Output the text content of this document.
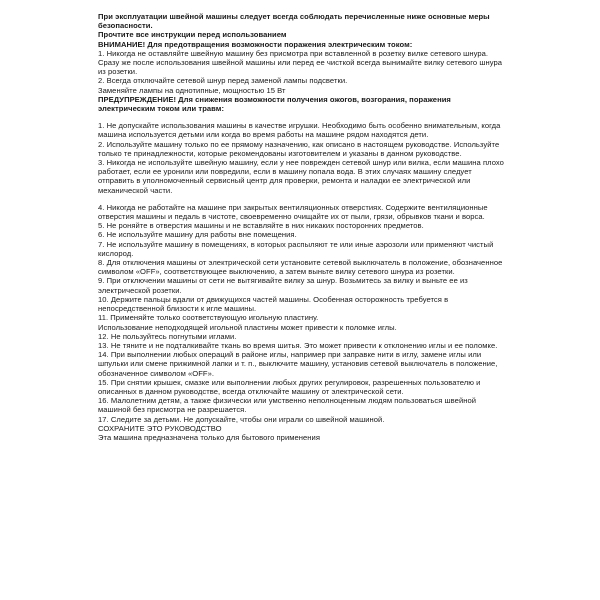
При эксплуатации швейной машины следует всегда соблюдать перечисленные ниже основные меры безопасности.

Прочтите все инструкции перед использованием

ВНИМАНИЕ! Для предотвращения возможности поражения электрическим током:

1. Никогда не оставляйте швейную машину без присмотра при вставленной в розетку вилке сетевого шнура. Сразу же после использования швейной машины или перед ее чисткой всегда вынимайте вилку сетевого шнура из розетки.

2. Всегда отключайте сетевой шнур перед заменой лампы подсветки.

Заменяйте лампы на однотипные, мощностью 15 Вт

ПРЕДУПРЕЖДЕНИЕ! Для снижения возможности получения ожогов, возгорания, поражения электрическим током или травм:

1. Не допускайте использования машины в качестве игрушки. Необходимо быть особенно внимательным, когда машина используется детьми или когда во время работы на машине рядом находятся дети.

2. Используйте машину только по ее прямому назначению, как описано в настоящем руководстве. Используйте только те принадлежности, которые рекомендованы изготовителем и указаны в данном руководстве.

3. Никогда не используйте швейную машину, если у нее поврежден сетевой шнур или вилка, если машина плохо работает, если ее уронили или повредили, если в машину попала вода. В этих случаях машину следует отправить в уполномоченный сервисный центр для проверки, ремонта и наладки ее электрической или механической части.

4. Никогда не работайте на машине при закрытых вентиляционных отверстиях. Содержите вентиляционные отверстия машины и педаль в чистоте, своевременно очищайте их от пыли, грязи, обрывков ткани и ворса.

5. Не роняйте в отверстия машины и не вставляйте в них никаких посторонних предметов.

6. Не используйте машину для работы вне помещения.

7. Не используйте машину в помещениях, в которых распыляют те или иные аэрозоли или применяют чистый кислород.

8. Для отключения машины от электрической сети установите сетевой выключатель в положение, обозначенное символом «OFF», соответствующее выключению, а затем выньте вилку сетевого шнура из розетки.

9. При отключении машины от сети не вытягивайте вилку за шнур. Возьмитесь за вилку и выньте ее из электрической розетки.

10. Держите пальцы вдали от движущихся частей машины. Особенная осторожность требуется в непосредственной близости к игле машины.

11. Применяйте только соответствующую игольную пластину.

Использование неподходящей игольной пластины может привести к поломке иглы.

12. Не пользуйтесь погнутыми иглами.

13. Не тяните и не подталкивайте ткань во время шитья. Это может привести к отклонению иглы и ее поломке.

14. При выполнении любых операций в районе иглы, например при заправке нити в иглу, замене иглы или шпульки или смене прижимной лапки и т. п., выключите машину, установив сетевой выключатель в положение, обозначенное символом «OFF».

15. При снятии крышек, смазке или выполнении любых других регулировок, разрешенных пользователю и описанных в данном руководстве, всегда отключайте машину от электрической сети.

16. Малолетним детям, а также физически или умственно неполноценным людям пользоваться швейной машиной без присмотра не разрешается.

17. Следите за детьми. Не допускайте, чтобы они играли со швейной машиной.

СОХРАНИТЕ ЭТО РУКОВОДСТВО

Эта машина предназначена только для бытового применения
